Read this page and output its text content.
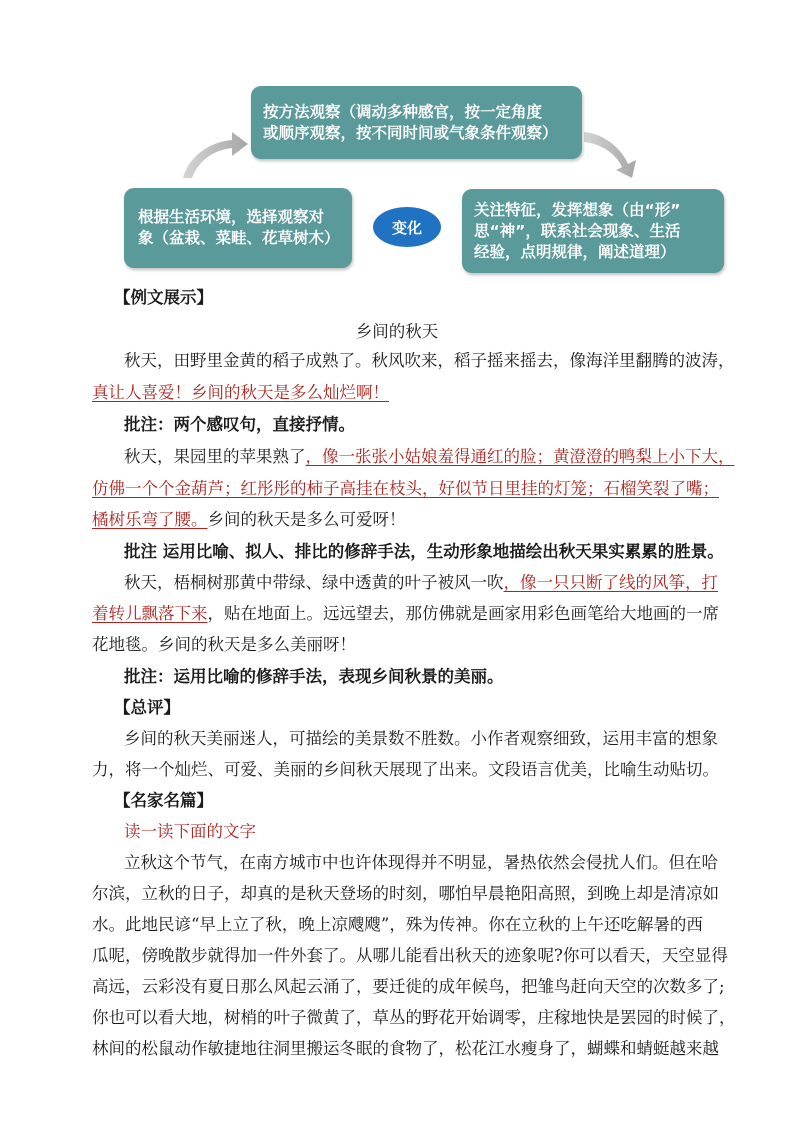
按方法观察（调动多种感官，按一定角度
或顺序观察，按不同时间或气象条件观察）
根据生活环境，选择观察对
象（盆栽、菜畦、花草树木）
关注特征，发挥想象（由“形”
思“神”，联系社会现象、生活
经验，点明规律，阐述道理）
变化
【例文展示】
乡间的秋天
秋天，田野里金黄的稻子成熟了。秋风吹来，稻子摇来摇去，像海洋里翻腾的波涛，
真让人喜爱！乡间的秋天是多么灿烂啊！
批注：两个感叹句，直接抒情。
秋天，果园里的苹果熟了，像一张张小姑娘羞得通红的脸；黄澄澄的鸭梨上小下大，
仿佛一个个金葫芦；红彤彤的柿子高挂在枝头，好似节日里挂的灯笼；石榴笑裂了嘴；
橘树乐弯了腰。乡间的秋天是多么可爱呀！
批注 运用比喻、拟人、排比的修辞手法，生动形象地描绘出秋天果实累累的胜景。
秋天，梧桐树那黄中带绿、绿中透黄的叶子被风一吹，像一只只断了线的风筝，打
着转儿飘落下来，贴在地面上。远远望去，那仿佛就是画家用彩色画笔给大地画的一席
花地毯。乡间的秋天是多么美丽呀！
批注：运用比喻的修辞手法，表现乡间秋景的美丽。
【总评】
乡间的秋天美丽迷人，可描绘的美景数不胜数。小作者观察细致，运用丰富的想象
力，将一个灿烂、可爱、美丽的乡间秋天展现了出来。文段语言优美，比喻生动贴切。
【名家名篇】
读一读下面的文字
立秋这个节气，在南方城市中也许体现得并不明显，暑热依然会侵扰人们。但在哈
尔滨，立秋的日子，却真的是秋天登场的时刻，哪怕早晨艳阳高照，到晚上却是清凉如
水。此地民谚“早上立了秋，晚上凉飕飕”，殊为传神。你在立秋的上午还吃解暑的西
瓜呢，傍晚散步就得加一件外套了。从哪儿能看出秋天的迹象呢?你可以看天，天空显得
高远，云彩没有夏日那么风起云涌了，要迁徙的成年候鸟，把雏鸟赶向天空的次数多了;
你也可以看大地，树梢的叶子微黄了，草丛的野花开始调零，庄稼地快是罢园的时候了，
林间的松鼠动作敏捷地往洞里搬运冬眠的食物了，松花江水瘦身了，蝴蝶和蜻蜓越来越
